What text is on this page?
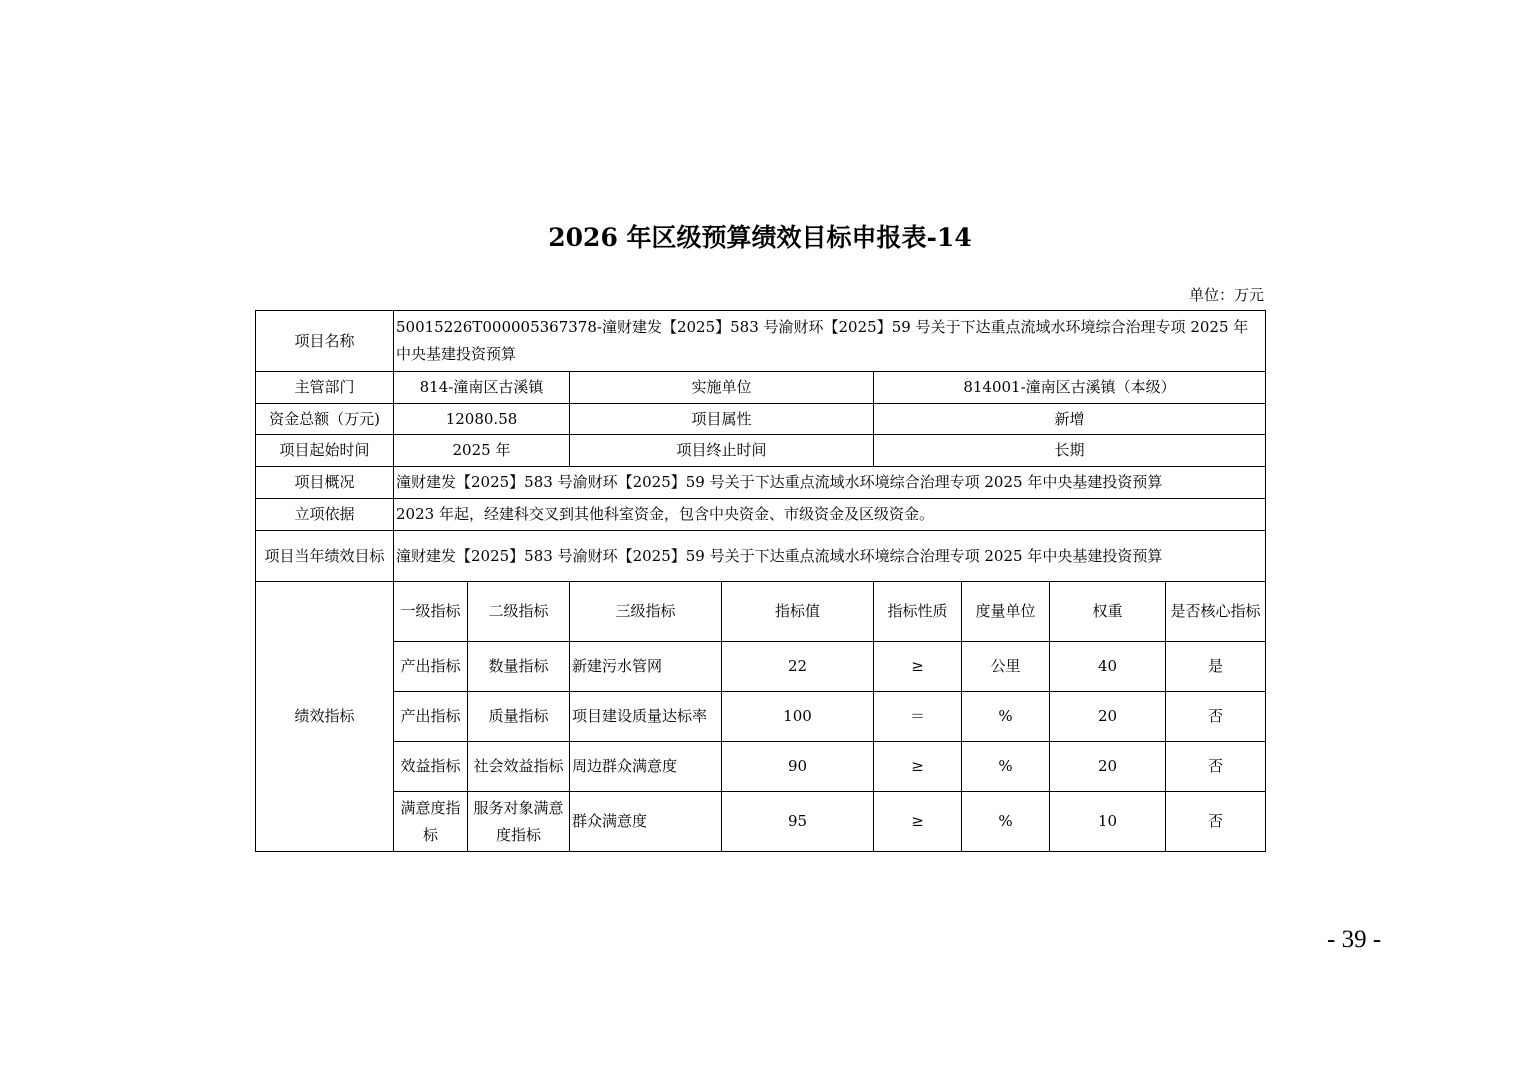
2026 年区级预算绩效目标申报表-14
单位：万元
项目名称	50015226T000005367378-潼财建发【2025】583 号渝财环【2025】59 号关于下达重点流域水环境综合治理专项 2025 年中央基建投资预算							
主管部门	814-潼南区古溪镇		实施单位		814001-潼南区古溪镇（本级）			
资金总额（万元)	12080.58		项目属性		新增			
项目起始时间	2025 年		项目终止时间		长期			
项目概况	潼财建发【2025】583 号渝财环【2025】59 号关于下达重点流域水环境综合治理专项 2025 年中央基建投资预算							
立项依据	2023 年起，经建科交叉到其他科室资金，包含中央资金、市级资金及区级资金。							
项目当年绩效目标	潼财建发【2025】583 号渝财环【2025】59 号关于下达重点流域水环境综合治理专项 2025 年中央基建投资预算							
绩效指标	一级指标	二级指标	三级指标	指标值	指标性质	度量单位	权重	是否核心指标
	产出指标	数量指标	新建污水管网	22	≥	公里	40	是
	产出指标	质量指标	项目建设质量达标率	100	＝	%	20	否
	效益指标	社会效益指标	周边群众满意度	90	≥	%	20	否
	满意度指标	服务对象满意度指标	群众满意度	95	≥	%	10	否
- 39 -
